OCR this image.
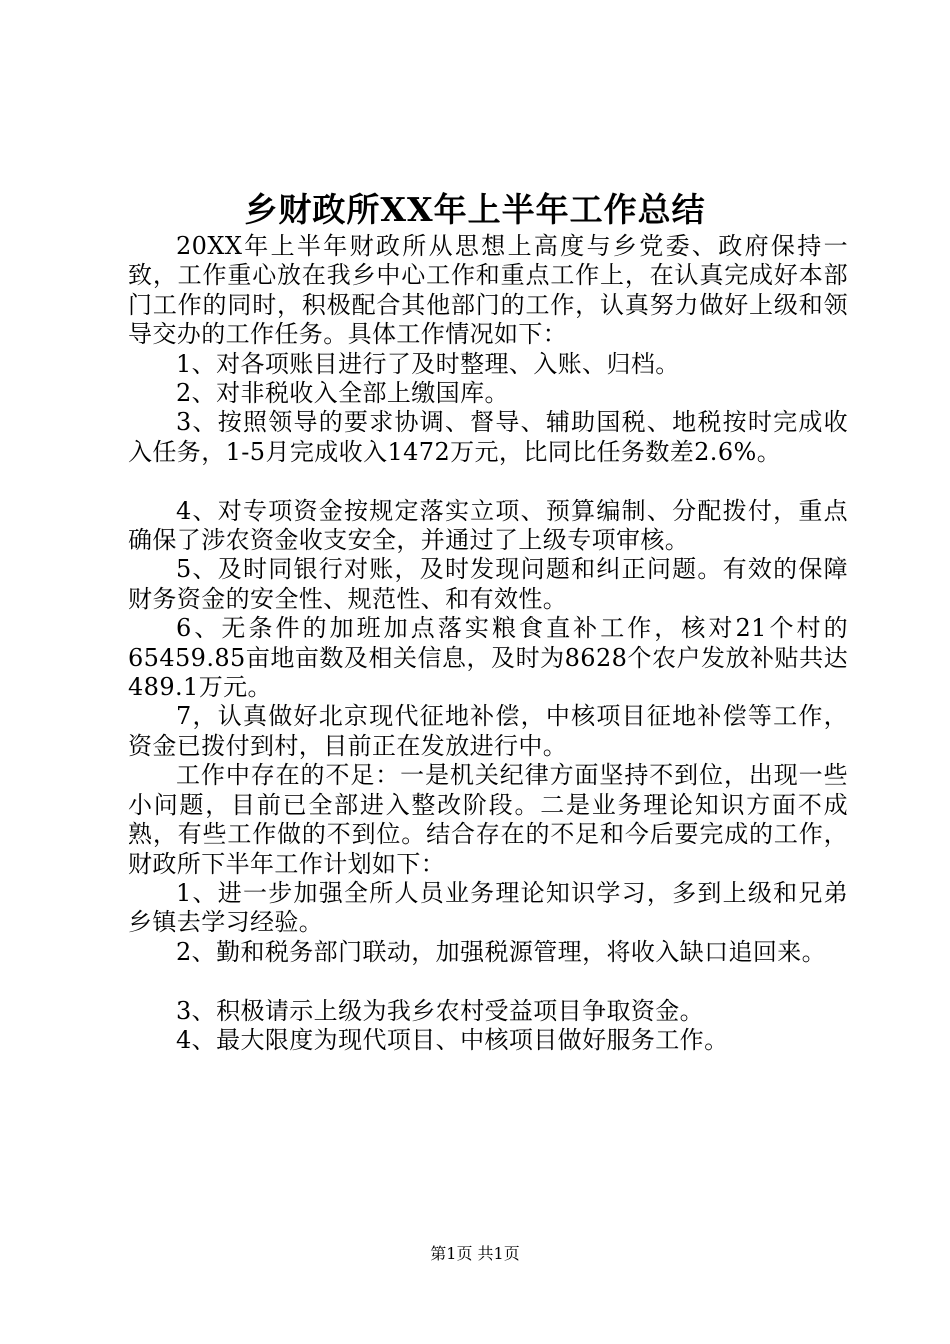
乡财政所XX年上半年工作总结

20XX年上半年财政所从思想上高度与乡党委、政府保持一致，工作重心放在我乡中心工作和重点工作上，在认真完成好本部门工作的同时，积极配合其他部门的工作，认真努力做好上级和领导交办的工作任务。具体工作情况如下：

1、对各项账目进行了及时整理、入账、归档。

2、对非税收入全部上缴国库。

3、按照领导的要求协调、督导、辅助国税、地税按时完成收入任务，1-5月完成收入1472万元，比同比任务数差2.6%。

4、对专项资金按规定落实立项、预算编制、分配拨付，重点确保了涉农资金收支安全，并通过了上级专项审核。

5、及时同银行对账，及时发现问题和纠正问题。有效的保障财务资金的安全性、规范性、和有效性。

6、无条件的加班加点落实粮食直补工作，核对21个村的65459.85亩地亩数及相关信息，及时为8628个农户发放补贴共达489.1万元。

7，认真做好北京现代征地补偿，中核项目征地补偿等工作，资金已拨付到村，目前正在发放进行中。

工作中存在的不足：一是机关纪律方面坚持不到位，出现一些小问题，目前已全部进入整改阶段。二是业务理论知识方面不成熟，有些工作做的不到位。结合存在的不足和今后要完成的工作，财政所下半年工作计划如下：

1、进一步加强全所人员业务理论知识学习，多到上级和兄弟乡镇去学习经验。

2、勤和税务部门联动，加强税源管理，将收入缺口追回来。

3、积极请示上级为我乡农村受益项目争取资金。

4、最大限度为现代项目、中核项目做好服务工作。

第1页 共1页
